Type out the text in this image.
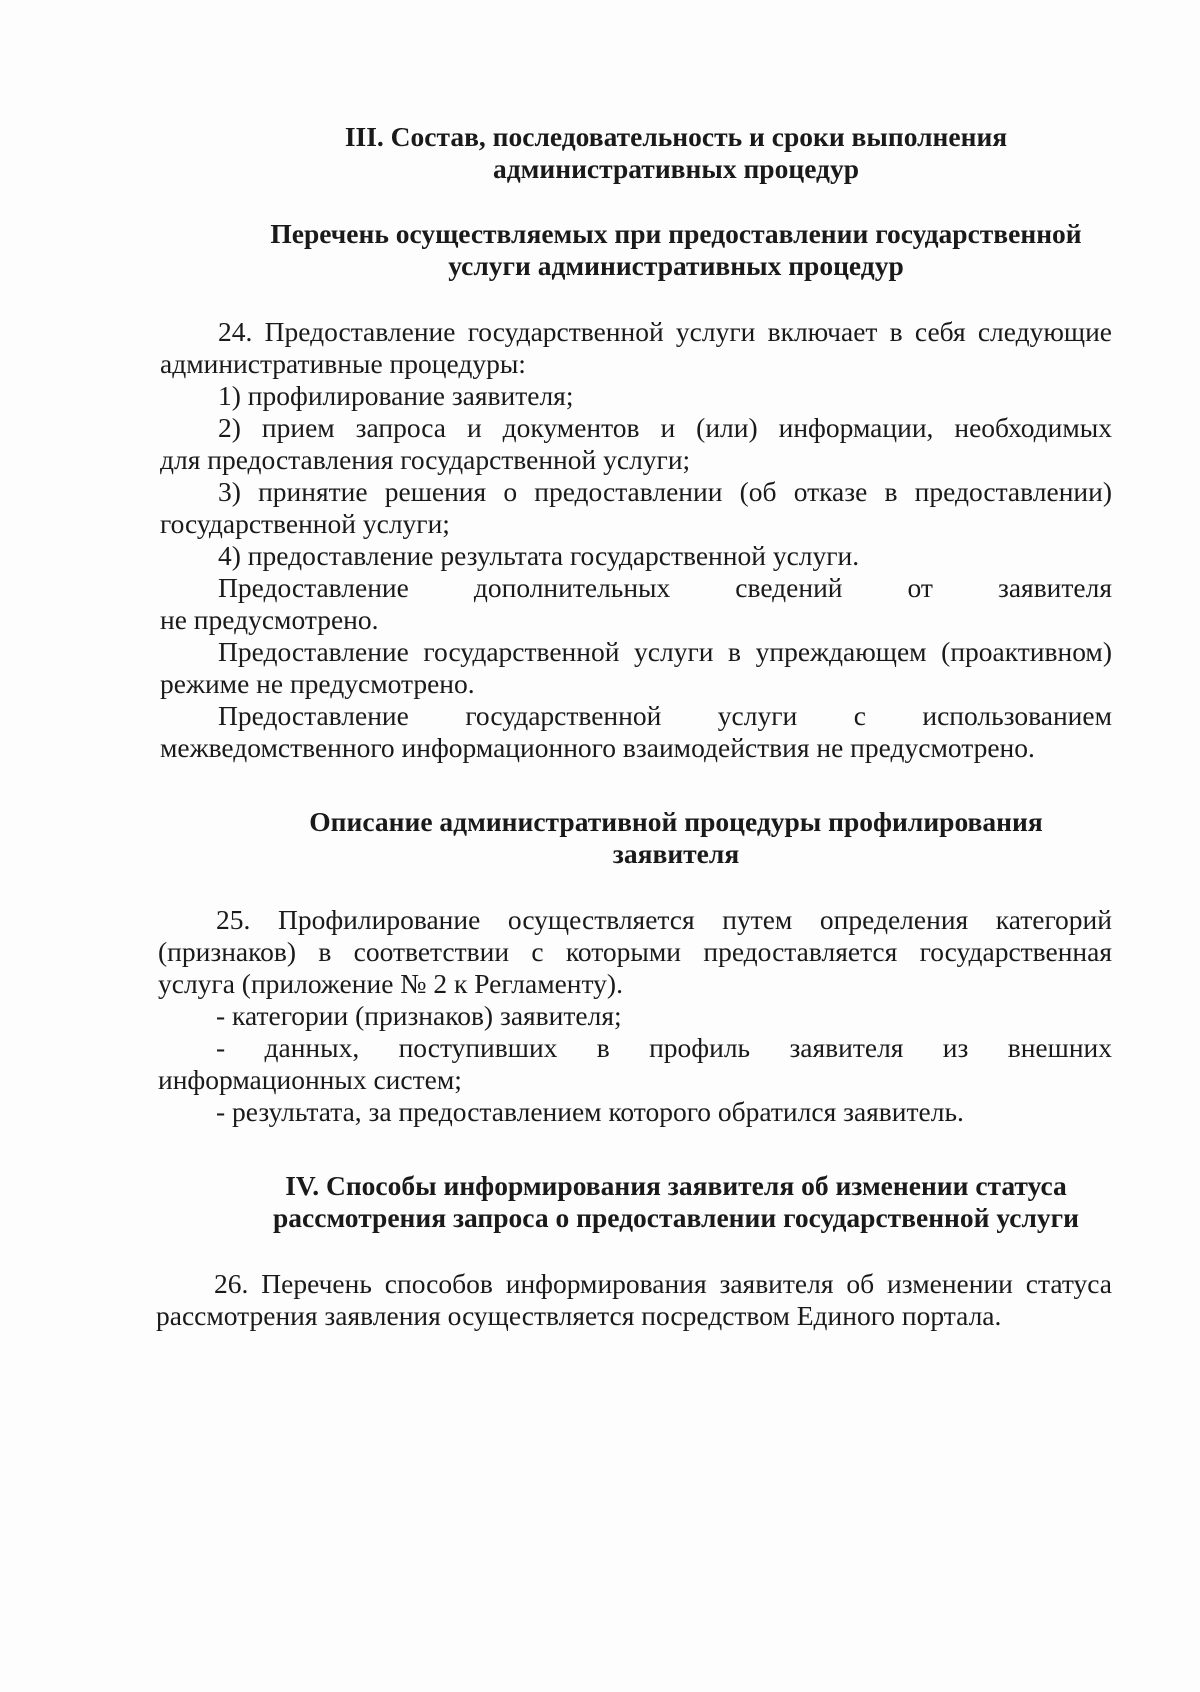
III. Состав, последовательность и сроки выполнения
административных процедур
Перечень осуществляемых при предоставлении государственной
услуги административных процедур
24. Предоставление государственной услуги включает в себя следующие
административные процедуры:
1) профилирование заявителя;
2) прием запроса и документов и (или) информации, необходимых
для предоставления государственной услуги;
3) принятие решения о предоставлении (об отказе в предоставлении)
государственной услуги;
4) предоставление результата государственной услуги.
Предоставление дополнительных сведений от заявителя
не предусмотрено.
Предоставление государственной услуги в упреждающем (проактивном)
режиме не предусмотрено.
Предоставление государственной услуги с использованием
межведомственного информационного взаимодействия не предусмотрено.
Описание административной процедуры профилирования
заявителя
25. Профилирование осуществляется путем определения категорий
(признаков) в соответствии с которыми предоставляется государственная
услуга (приложение № 2 к Регламенту).
- категории (признаков) заявителя;
- данных, поступивших в профиль заявителя из внешних
информационных систем;
- результата, за предоставлением которого обратился заявитель.
IV. Способы информирования заявителя об изменении статуса
рассмотрения запроса о предоставлении государственной услуги
26. Перечень способов информирования заявителя об изменении статуса
рассмотрения заявления осуществляется посредством Единого портала.
